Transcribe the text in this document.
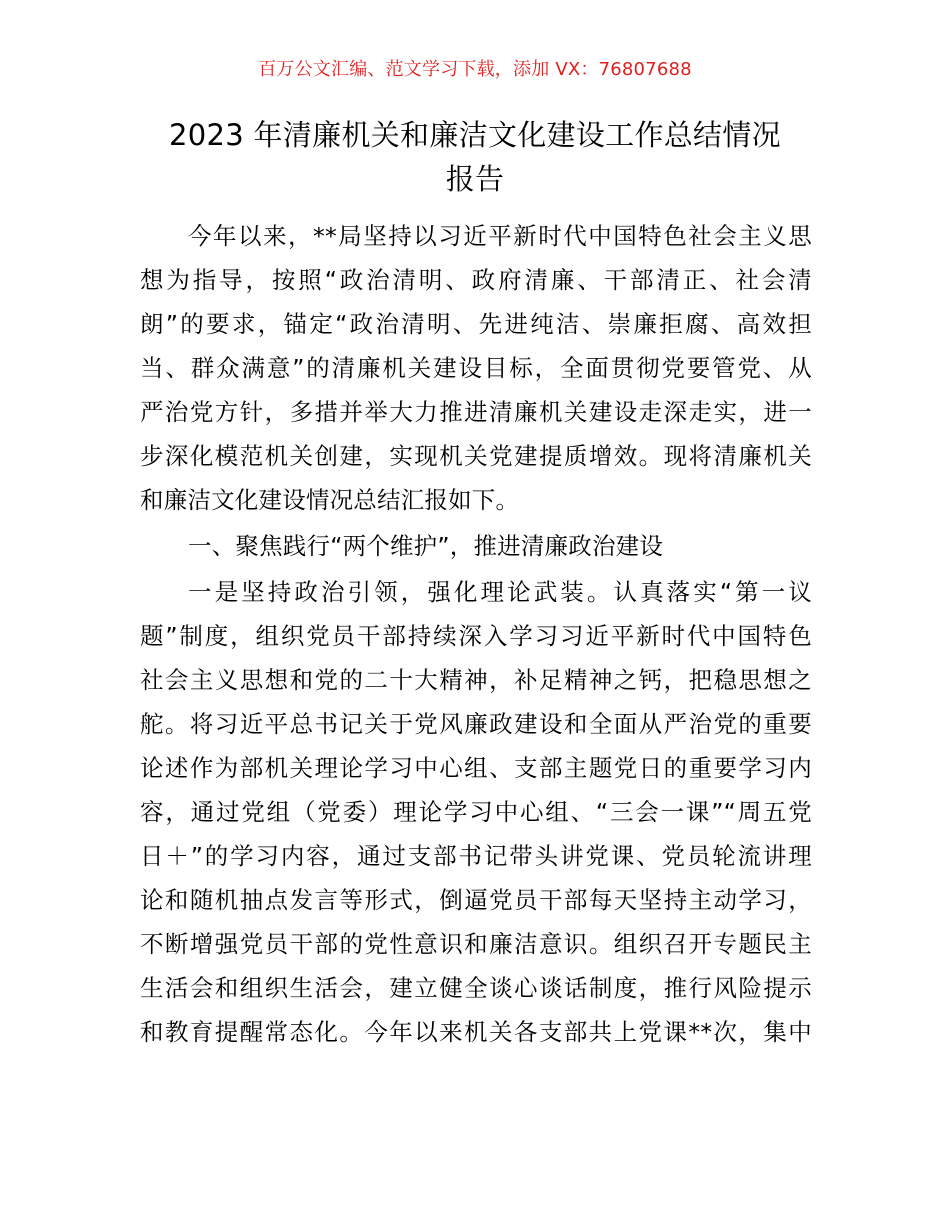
百万公文汇编、范文学习下载，添加 VX：76807688
2023 年清廉机关和廉洁文化建设工作总结情况
报告
今年以来，**局坚持以习近平新时代中国特色社会主义思
想为指导，按照“政治清明、政府清廉、干部清正、社会清
朗”的要求，锚定“政治清明、先进纯洁、崇廉拒腐、高效担
当、群众满意”的清廉机关建设目标，全面贯彻党要管党、从
严治党方针，多措并举大力推进清廉机关建设走深走实，进一
步深化模范机关创建，实现机关党建提质增效。现将清廉机关
和廉洁文化建设情况总结汇报如下。
一、聚焦践行“两个维护”，推进清廉政治建设
一是坚持政治引领，强化理论武装。认真落实“第一议
题”制度，组织党员干部持续深入学习习近平新时代中国特色
社会主义思想和党的二十大精神，补足精神之钙，把稳思想之
舵。将习近平总书记关于党风廉政建设和全面从严治党的重要
论述作为部机关理论学习中心组、支部主题党日的重要学习内
容，通过党组（党委）理论学习中心组、“三会一课”“周五党
日＋”的学习内容，通过支部书记带头讲党课、党员轮流讲理
论和随机抽点发言等形式，倒逼党员干部每天坚持主动学习，
不断增强党员干部的党性意识和廉洁意识。组织召开专题民主
生活会和组织生活会，建立健全谈心谈话制度，推行风险提示
和教育提醒常态化。今年以来机关各支部共上党课**次，集中
